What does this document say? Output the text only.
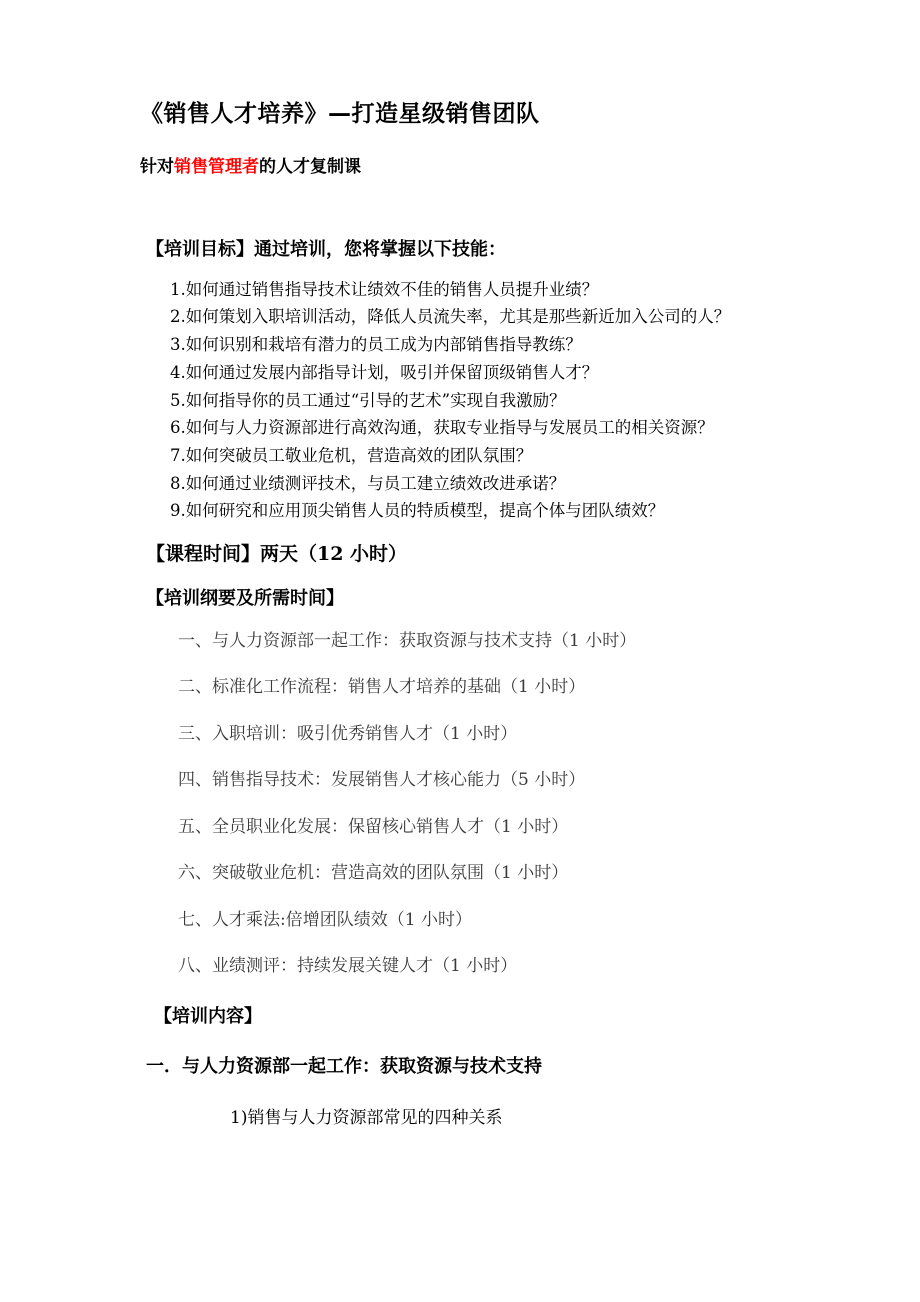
《销售人才培养》—打造星级销售团队

针对销售管理者的人才复制课

【培训目标】通过培训，您将掌握以下技能：

如何通过销售指导技术让绩效不佳的销售人员提升业绩？
如何策划入职培训活动，降低人员流失率，尤其是那些新近加入公司的人？
如何识别和栽培有潜力的员工成为内部销售指导教练？
如何通过发展内部指导计划，吸引并保留顶级销售人才？
如何指导你的员工通过“引导的艺术”实现自我激励？
如何与人力资源部进行高效沟通，获取专业指导与发展员工的相关资源？
如何突破员工敬业危机，营造高效的团队氛围？
如何通过业绩测评技术，与员工建立绩效改进承诺？
如何研究和应用顶尖销售人员的特质模型，提高个体与团队绩效？

【课程时间】两天（12 小时）

【培训纲要及所需时间】

一、与人力资源部一起工作：获取资源与技术支持（1 小时）
二、标准化工作流程：销售人才培养的基础（1 小时）
三、入职培训：吸引优秀销售人才（1 小时）
四、销售指导技术：发展销售人才核心能力（5 小时）
五、全员职业化发展：保留核心销售人才（1 小时）
六、突破敬业危机：营造高效的团队氛围（1 小时）
七、人才乘法:倍增团队绩效（1 小时）
八、业绩测评：持续发展关键人才（1 小时）

【培训内容】

一．与人力资源部一起工作：获取资源与技术支持

1)销售与人力资源部常见的四种关系
